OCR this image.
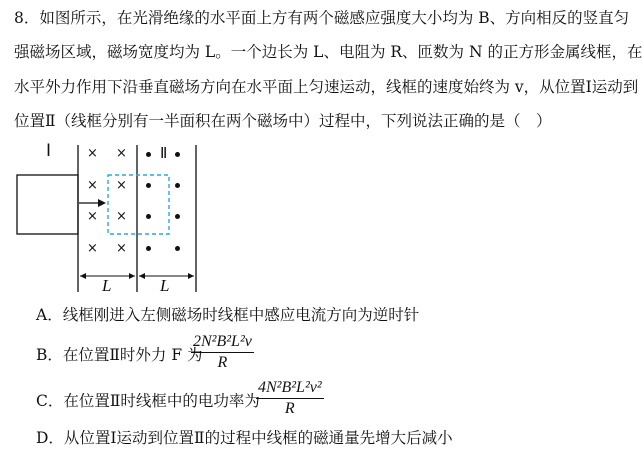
8．如图所示，在光滑绝缘的水平面上方有两个磁感应强度大小均为 B、方向相反的竖直匀
强磁场区域，磁场宽度均为 L。一个边长为 L、电阻为 R、匝数为 N 的正方形金属线框，在
水平外力作用下沿垂直磁场方向在水平面上匀速运动，线框的速度始终为 v，从位置Ⅰ运动到
位置Ⅱ（线框分别有一半面积在两个磁场中）过程中，下列说法正确的是（　）
Ⅰ	Ⅱ
L	L
× ×
× ×
× ×
× ×
A．线框刚进入左侧磁场时线框中感应电流方向为逆时针
B．在位置Ⅱ时外力 F 为
2N²B²L²v
R
C．在位置Ⅱ时线框中的电功率为
4N²B²L²v²
R
D．从位置Ⅰ运动到位置Ⅱ的过程中线框的磁通量先增大后减小
